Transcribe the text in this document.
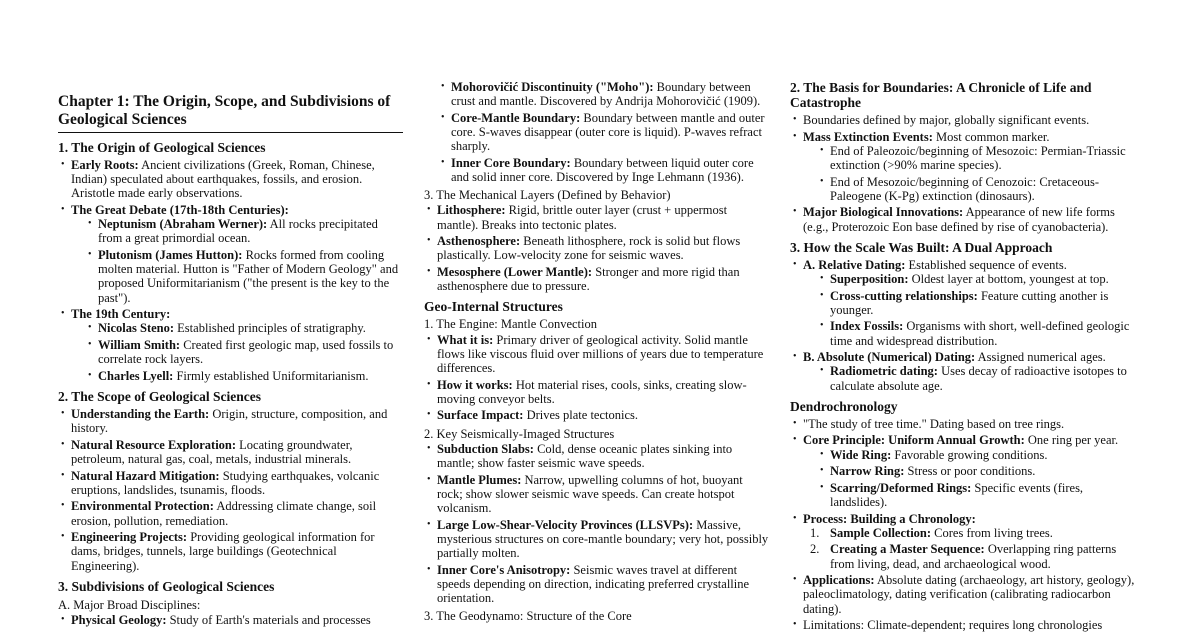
Chapter 1: The Origin, Scope, and Subdivisions of Geological Sciences
1. The Origin of Geological Sciences
• Early Roots: Ancient civilizations (Greek, Roman, Chinese, Indian) speculated about earthquakes, fossils, and erosion. Aristotle made early observations.
• The Great Debate (17th-18th Centuries):
• Neptunism (Abraham Werner): All rocks precipitated from a great primordial ocean.
• Plutonism (James Hutton): Rocks formed from cooling molten material. Hutton is "Father of Modern Geology" and proposed Uniformitarianism ("the present is the key to the past").
• The 19th Century:
• Nicolas Steno: Established principles of stratigraphy.
• William Smith: Created first geologic map, used fossils to correlate rock layers.
• Charles Lyell: Firmly established Uniformitarianism.
2. The Scope of Geological Sciences
• Understanding the Earth: Origin, structure, composition, and history.
• Natural Resource Exploration: Locating groundwater, petroleum, natural gas, coal, metals, industrial minerals.
• Natural Hazard Mitigation: Studying earthquakes, volcanic eruptions, landslides, tsunamis, floods.
• Environmental Protection: Addressing climate change, soil erosion, pollution, remediation.
• Engineering Projects: Providing geological information for dams, bridges, tunnels, large buildings (Geotechnical Engineering).
3. Subdivisions of Geological Sciences
A. Major Broad Disciplines:
• Physical Geology: Study of Earth's materials and processes
• Mohorovičić Discontinuity ("Moho"): Boundary between crust and mantle. Discovered by Andrija Mohorovičić (1909).
• Core-Mantle Boundary: Boundary between mantle and outer core. S-waves disappear (outer core is liquid). P-waves refract sharply.
• Inner Core Boundary: Boundary between liquid outer core and solid inner core. Discovered by Inge Lehmann (1936).
3. The Mechanical Layers (Defined by Behavior)
• Lithosphere: Rigid, brittle outer layer (crust + uppermost mantle). Breaks into tectonic plates.
• Asthenosphere: Beneath lithosphere, rock is solid but flows plastically. Low-velocity zone for seismic waves.
• Mesosphere (Lower Mantle): Stronger and more rigid than asthenosphere due to pressure.
Geo-Internal Structures
1. The Engine: Mantle Convection
• What it is: Primary driver of geological activity. Solid mantle flows like viscous fluid over millions of years due to temperature differences.
• How it works: Hot material rises, cools, sinks, creating slow-moving conveyor belts.
• Surface Impact: Drives plate tectonics.
2. Key Seismically-Imaged Structures
• Subduction Slabs: Cold, dense oceanic plates sinking into mantle; show faster seismic wave speeds.
• Mantle Plumes: Narrow, upwelling columns of hot, buoyant rock; show slower seismic wave speeds. Can create hotspot volcanism.
• Large Low-Shear-Velocity Provinces (LLSVPs): Massive, mysterious structures on core-mantle boundary; very hot, possibly partially molten.
• Inner Core's Anisotropy: Seismic waves travel at different speeds depending on direction, indicating preferred crystalline orientation.
3. The Geodynamo: Structure of the Core
2. The Basis for Boundaries: A Chronicle of Life and Catastrophe
• Boundaries defined by major, globally significant events.
• Mass Extinction Events: Most common marker.
• End of Paleozoic/beginning of Mesozoic: Permian-Triassic extinction (>90% marine species).
• End of Mesozoic/beginning of Cenozoic: Cretaceous-Paleogene (K-Pg) extinction (dinosaurs).
• Major Biological Innovations: Appearance of new life forms (e.g., Proterozoic Eon base defined by rise of cyanobacteria).
3. How the Scale Was Built: A Dual Approach
• A. Relative Dating: Established sequence of events.
• Superposition: Oldest layer at bottom, youngest at top.
• Cross-cutting relationships: Feature cutting another is younger.
• Index Fossils: Organisms with short, well-defined geologic time and widespread distribution.
• B. Absolute (Numerical) Dating: Assigned numerical ages.
• Radiometric dating: Uses decay of radioactive isotopes to calculate absolute age.
Dendrochronology
• "The study of tree time." Dating based on tree rings.
• Core Principle: Uniform Annual Growth: One ring per year.
• Wide Ring: Favorable growing conditions.
• Narrow Ring: Stress or poor conditions.
• Scarring/Deformed Rings: Specific events (fires, landslides).
• Process: Building a Chronology:
1. Sample Collection: Cores from living trees.
2. Creating a Master Sequence: Overlapping ring patterns from living, dead, and archaeological wood.
• Applications: Absolute dating (archaeology, art history, geology), paleoclimatology, dating verification (calibrating radiocarbon dating).
• Limitations: Climate-dependent; requires long chronologies
